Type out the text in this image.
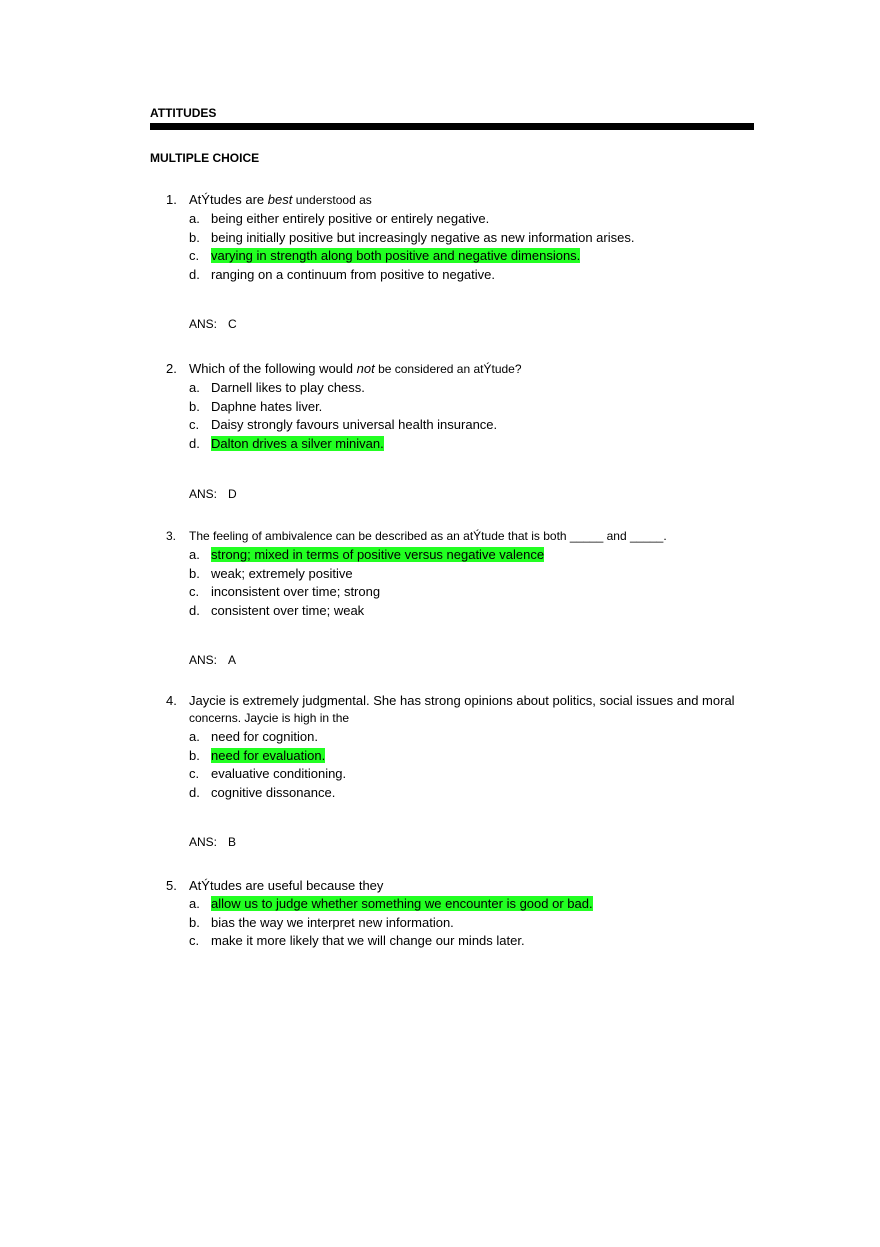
ATTITUDES
MULTIPLE CHOICE
1. AtÝtudes are best understood as
a. being either entirely positive or entirely negative.
b. being initially positive but increasingly negative as new information arises.
c. varying in strength along both positive and negative dimensions.
d. ranging on a continuum from positive to negative.
ANS: C
2. Which of the following would not be considered an atÝtude?
a. Darnell likes to play chess.
b. Daphne hates liver.
c. Daisy strongly favours universal health insurance.
d. Dalton drives a silver minivan.
ANS: D
3. The feeling of ambivalence can be described as an atÝtude that is both _____ and _____.
a. strong; mixed in terms of positive versus negative valence
b. weak; extremely positive
c. inconsistent over time; strong
d. consistent over time; weak
ANS: A
4. Jaycie is extremely judgmental. She has strong opinions about politics, social issues and moral
concerns. Jaycie is high in the
a. need for cognition.
b. need for evaluation.
c. evaluative conditioning.
d. cognitive dissonance.
ANS: B
5. AtÝtudes are useful because they
a. allow us to judge whether something we encounter is good or bad.
b. bias the way we interpret new information.
c. make it more likely that we will change our minds later.
